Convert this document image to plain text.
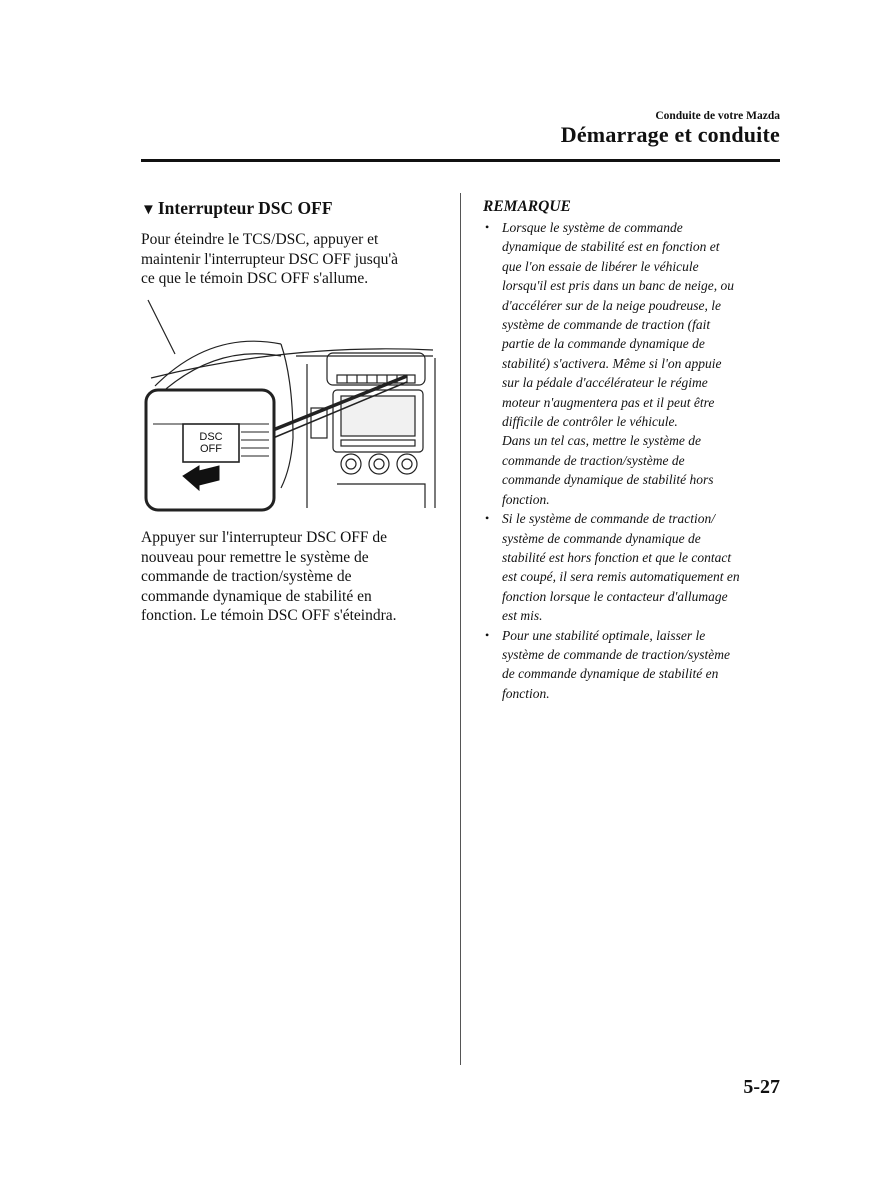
Conduite de votre Mazda
Démarrage et conduite
▼ Interrupteur DSC OFF
Pour éteindre le TCS/DSC, appuyer et
maintenir l'interrupteur DSC OFF jusqu'à
ce que le témoin DSC OFF s'allume.
DSC
OFF
Appuyer sur l'interrupteur DSC OFF de
nouveau pour remettre le système de
commande de traction/système de
commande dynamique de stabilité en
fonction. Le témoin DSC OFF s'éteindra.
REMARQUE
• Lorsque le système de commande
dynamique de stabilité est en fonction et
que l'on essaie de libérer le véhicule
lorsqu'il est pris dans un banc de neige, ou
d'accélérer sur de la neige poudreuse, le
système de commande de traction (fait
partie de la commande dynamique de
stabilité) s'activera. Même si l'on appuie
sur la pédale d'accélérateur le régime
moteur n'augmentera pas et il peut être
difficile de contrôler le véhicule.
Dans un tel cas, mettre le système de
commande de traction/système de
commande dynamique de stabilité hors
fonction.
• Si le système de commande de traction/
système de commande dynamique de
stabilité est hors fonction et que le contact
est coupé, il sera remis automatiquement en
fonction lorsque le contacteur d'allumage
est mis.
• Pour une stabilité optimale, laisser le
système de commande de traction/système
de commande dynamique de stabilité en
fonction.
5-27
